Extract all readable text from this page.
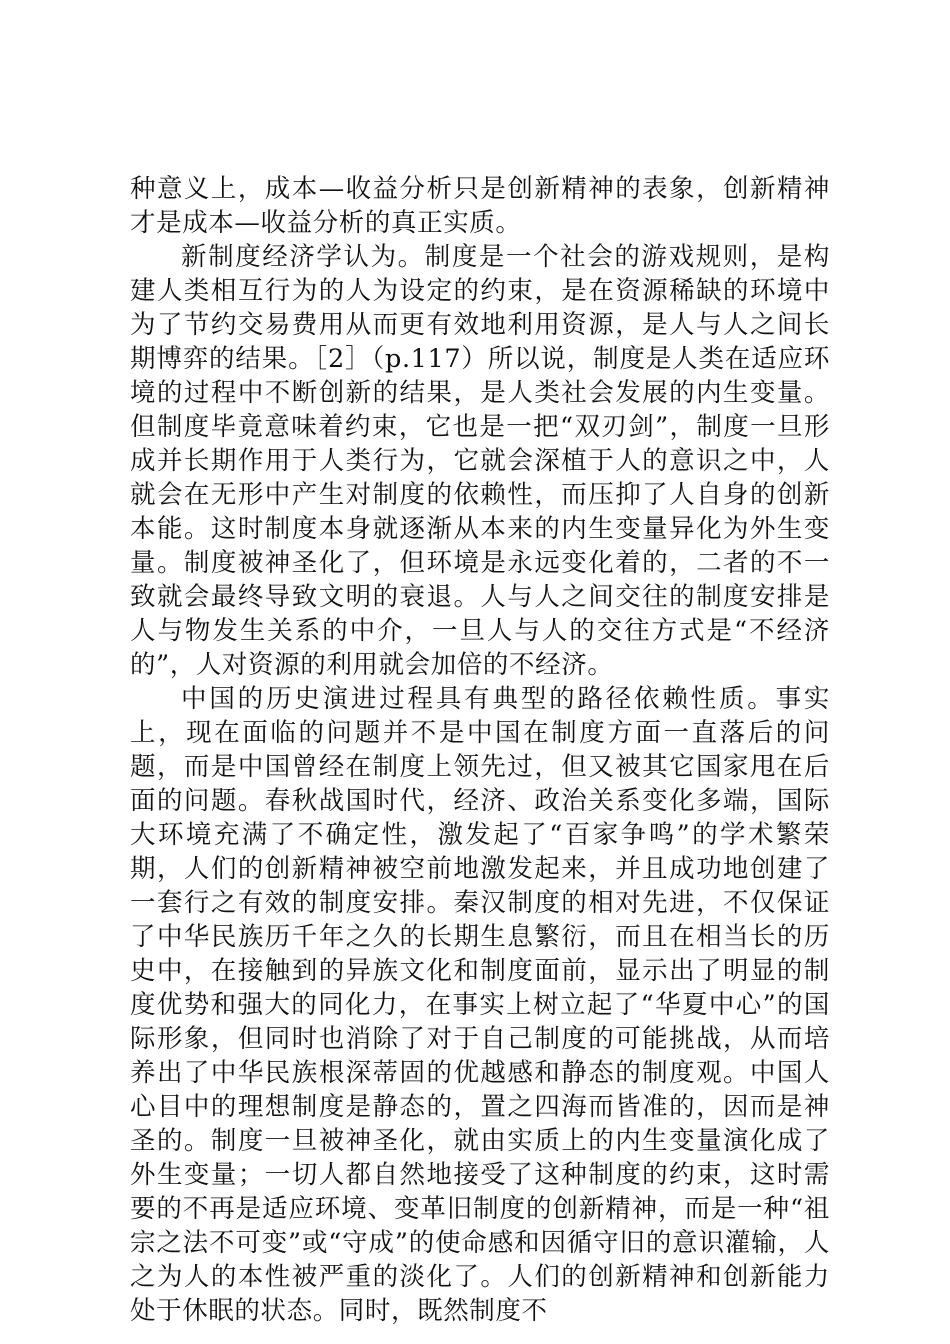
种意义上，成本—收益分析只是创新精神的表象，创新精神才是成本—收益分析的真正实质。

新制度经济学认为。制度是一个社会的游戏规则，是构建人类相互行为的人为设定的约束，是在资源稀缺的环境中为了节约交易费用从而更有效地利用资源，是人与人之间长期博弈的结果。［2］（p.117）所以说，制度是人类在适应环境的过程中不断创新的结果，是人类社会发展的内生变量。但制度毕竟意味着约束，它也是一把“双刃剑”，制度一旦形成并长期作用于人类行为，它就会深植于人的意识之中，人就会在无形中产生对制度的依赖性，而压抑了人自身的创新本能。这时制度本身就逐渐从本来的内生变量异化为外生变量。制度被神圣化了，但环境是永远变化着的，二者的不一致就会最终导致文明的衰退。人与人之间交往的制度安排是人与物发生关系的中介，一旦人与人的交往方式是“不经济的”，人对资源的利用就会加倍的不经济。

中国的历史演进过程具有典型的路径依赖性质。事实上，现在面临的问题并不是中国在制度方面一直落后的问题，而是中国曾经在制度上领先过，但又被其它国家甩在后面的问题。春秋战国时代，经济、政治关系变化多端，国际大环境充满了不确定性，激发起了“百家争鸣”的学术繁荣期，人们的创新精神被空前地激发起来，并且成功地创建了一套行之有效的制度安排。秦汉制度的相对先进，不仅保证了中华民族历千年之久的长期生息繁衍，而且在相当长的历史中，在接触到的异族文化和制度面前，显示出了明显的制度优势和强大的同化力，在事实上树立起了“华夏中心”的国际形象，但同时也消除了对于自己制度的可能挑战，从而培养出了中华民族根深蒂固的优越感和静态的制度观。中国人心目中的理想制度是静态的，置之四海而皆准的，因而是神圣的。制度一旦被神圣化，就由实质上的内生变量演化成了外生变量；一切人都自然地接受了这种制度的约束，这时需要的不再是适应环境、变革旧制度的创新精神，而是一种“祖宗之法不可变”或“守成”的使命感和因循守旧的意识灌输，人之为人的本性被严重的淡化了。人们的创新精神和创新能力处于休眠的状态。同时，既然制度不
